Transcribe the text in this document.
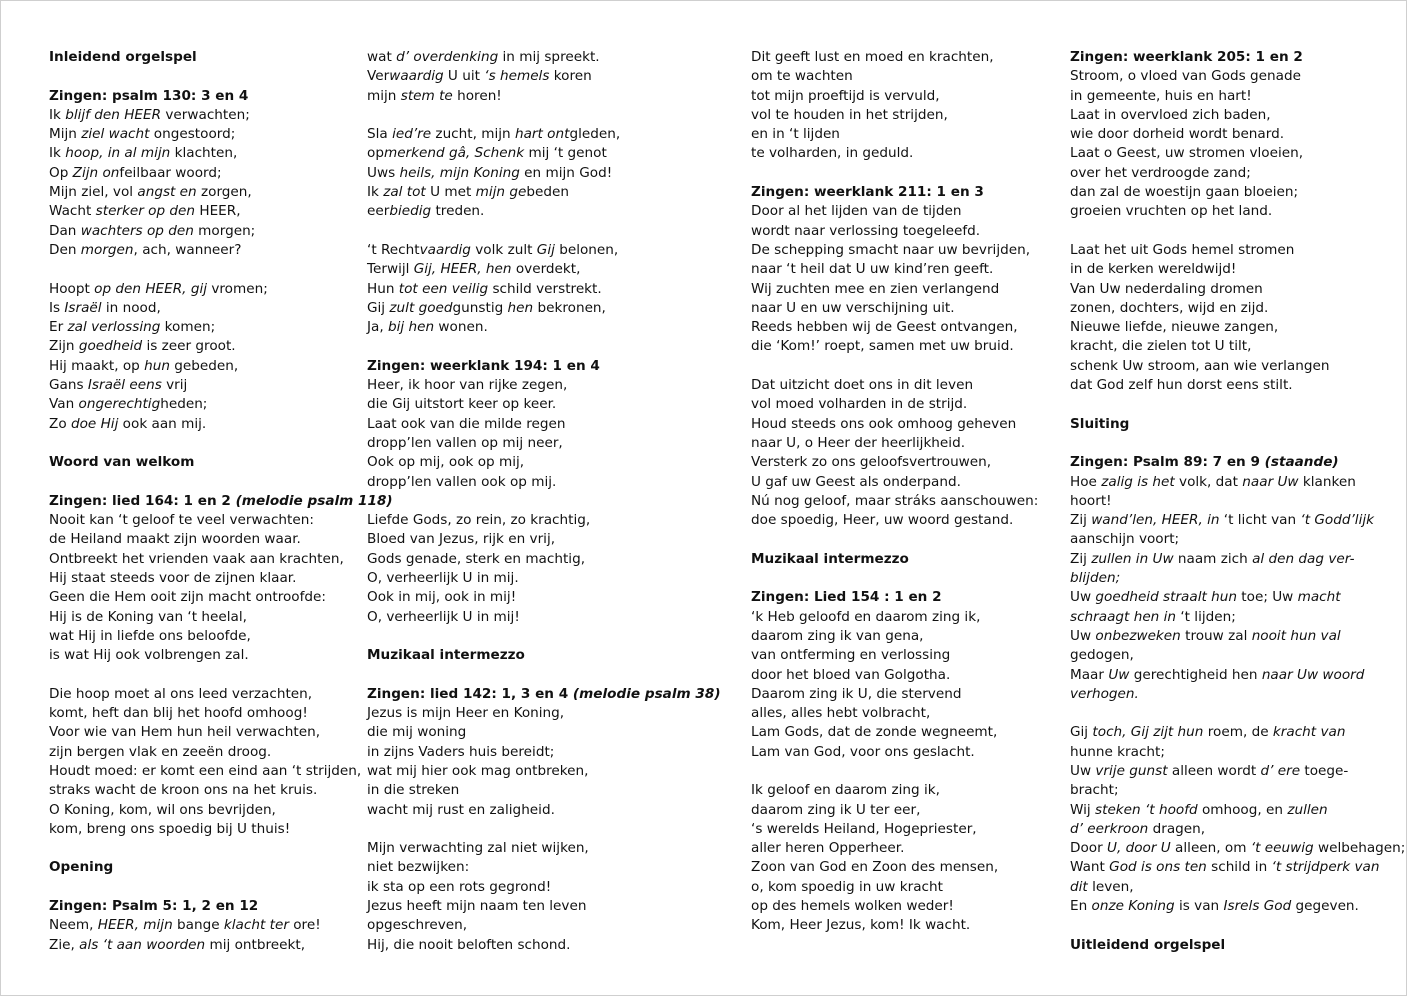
Inleidend orgelspel
Zingen: psalm 130: 3 en 4
Ik blijf den HEER verwachten;
Mijn ziel wacht ongestoord;
Ik hoop, in al mijn klachten,
Op Zijn onfeilbaar woord;
Mijn ziel, vol angst en zorgen,
Wacht sterker op den HEER,
Dan wachters op den morgen;
Den morgen, ach, wanneer?
Hoopt op den HEER, gij vromen;
Is Israël in nood,
Er zal verlossing komen;
Zijn goedheid is zeer groot.
Hij maakt, op hun gebeden,
Gans Israël eens vrij
Van ongerechtigheden;
Zo doe Hij ook aan mij.
Woord van welkom
Zingen: lied 164: 1 en 2 (melodie psalm 118)
Nooit kan ‘t geloof te veel verwachten:
de Heiland maakt zijn woorden waar.
Ontbreekt het vrienden vaak aan krachten,
Hij staat steeds voor de zijnen klaar.
Geen die Hem ooit zijn macht ontroofde:
Hij is de Koning van ‘t heelal,
wat Hij in liefde ons beloofde,
is wat Hij ook volbrengen zal.
Die hoop moet al ons leed verzachten,
komt, heft dan blij het hoofd omhoog!
Voor wie van Hem hun heil verwachten,
zijn bergen vlak en zeeën droog.
Houdt moed: er komt een eind aan ‘t strijden,
straks wacht de kroon ons na het kruis.
O Koning, kom, wil ons bevrijden,
kom, breng ons spoedig bij U thuis!
Opening
Zingen: Psalm 5: 1, 2 en 12
Neem, HEER, mijn bange klacht ter ore!
Zie, als ‘t aan woorden mij ontbreekt,
wat d’ overdenking in mij spreekt.
Verwaardig U uit ‘s hemels koren
mijn stem te horen!
Sla ied’re zucht, mijn hart ontgleden,
opmerkend gâ, Schenk mij ‘t genot
Uws heils, mijn Koning en mijn God!
Ik zal tot U met mijn gebeden
eerbiedig treden.
‘t Rechtvaardig volk zult Gij belonen,
Terwijl Gij, HEER, hen overdekt,
Hun tot een veilig schild verstrekt.
Gij zult goedgunstig hen bekronen,
Ja, bij hen wonen.
Zingen: weerklank 194: 1 en 4
Heer, ik hoor van rijke zegen,
die Gij uitstort keer op keer.
Laat ook van die milde regen
dropp’len vallen op mij neer,
Ook op mij, ook op mij,
dropp’len vallen ook op mij.
Liefde Gods, zo rein, zo krachtig,
Bloed van Jezus, rijk en vrij,
Gods genade, sterk en machtig,
O, verheerlijk U in mij.
Ook in mij, ook in mij!
O, verheerlijk U in mij!
Muzikaal intermezzo
Zingen: lied 142: 1, 3 en 4 (melodie psalm 38)
Jezus is mijn Heer en Koning,
die mij woning
in zijns Vaders huis bereidt;
wat mij hier ook mag ontbreken,
in die streken
wacht mij rust en zaligheid.
Mijn verwachting zal niet wijken,
niet bezwijken:
ik sta op een rots gegrond!
Jezus heeft mijn naam ten leven
opgeschreven,
Hij, die nooit beloften schond.
Dit geeft lust en moed en krachten,
om te wachten
tot mijn proeftijd is vervuld,
vol te houden in het strijden,
en in ‘t lijden
te volharden, in geduld.
Zingen: weerklank 211: 1 en 3
Door al het lijden van de tijden
wordt naar verlossing toegeleefd.
De schepping smacht naar uw bevrijden,
naar ‘t heil dat U uw kind’ren geeft.
Wij zuchten mee en zien verlangend
naar U en uw verschijning uit.
Reeds hebben wij de Geest ontvangen,
die ‘Kom!’ roept, samen met uw bruid.
Dat uitzicht doet ons in dit leven
vol moed volharden in de strijd.
Houd steeds ons ook omhoog geheven
naar U, o Heer der heerlijkheid.
Versterk zo ons geloofsvertrouwen,
U gaf uw Geest als onderpand.
Nú nog geloof, maar stráks aanschouwen:
doe spoedig, Heer, uw woord gestand.
Muzikaal intermezzo
Zingen: Lied 154 : 1 en 2
‘k Heb geloofd en daarom zing ik,
daarom zing ik van gena,
van ontferming en verlossing
door het bloed van Golgotha.
Daarom zing ik U, die stervend
alles, alles hebt volbracht,
Lam Gods, dat de zonde wegneemt,
Lam van God, voor ons geslacht.
Ik geloof en daarom zing ik,
daarom zing ik U ter eer,
‘s werelds Heiland, Hogepriester,
aller heren Opperheer.
Zoon van God en Zoon des mensen,
o, kom spoedig in uw kracht
op des hemels wolken weder!
Kom, Heer Jezus, kom! Ik wacht.
Zingen: weerklank 205: 1 en 2
Stroom, o vloed van Gods genade
in gemeente, huis en hart!
Laat in overvloed zich baden,
wie door dorheid wordt benard.
Laat o Geest, uw stromen vloeien,
over het verdroogde zand;
dan zal de woestijn gaan bloeien;
groeien vruchten op het land.
Laat het uit Gods hemel stromen
in de kerken wereldwijd!
Van Uw nederdaling dromen
zonen, dochters, wijd en zijd.
Nieuwe liefde, nieuwe zangen,
kracht, die zielen tot U tilt,
schenk Uw stroom, aan wie verlangen
dat God zelf hun dorst eens stilt.
Sluiting
Zingen: Psalm 89: 7 en 9 (staande)
Hoe zalig is het volk, dat naar Uw klanken
hoort!
Zij wand’len, HEER, in ‘t licht van ‘t Godd’lijk
aanschijn voort;
Zij zullen in Uw naam zich al den dag ver-
blijden;
Uw goedheid straalt hun toe; Uw macht
schraagt hen in ‘t lijden;
Uw onbezweken trouw zal nooit hun val
gedogen,
Maar Uw gerechtigheid hen naar Uw woord
verhogen.
Gij toch, Gij zijt hun roem, de kracht van
hunne kracht;
Uw vrije gunst alleen wordt d’ ere toege-
bracht;
Wij steken ‘t hoofd omhoog, en zullen
d’ eerkroon dragen,
Door U, door U alleen, om ‘t eeuwig welbehagen;
Want God is ons ten schild in ‘t strijdperk van
dit leven,
En onze Koning is van Isrels God gegeven.
Uitleidend orgelspel
